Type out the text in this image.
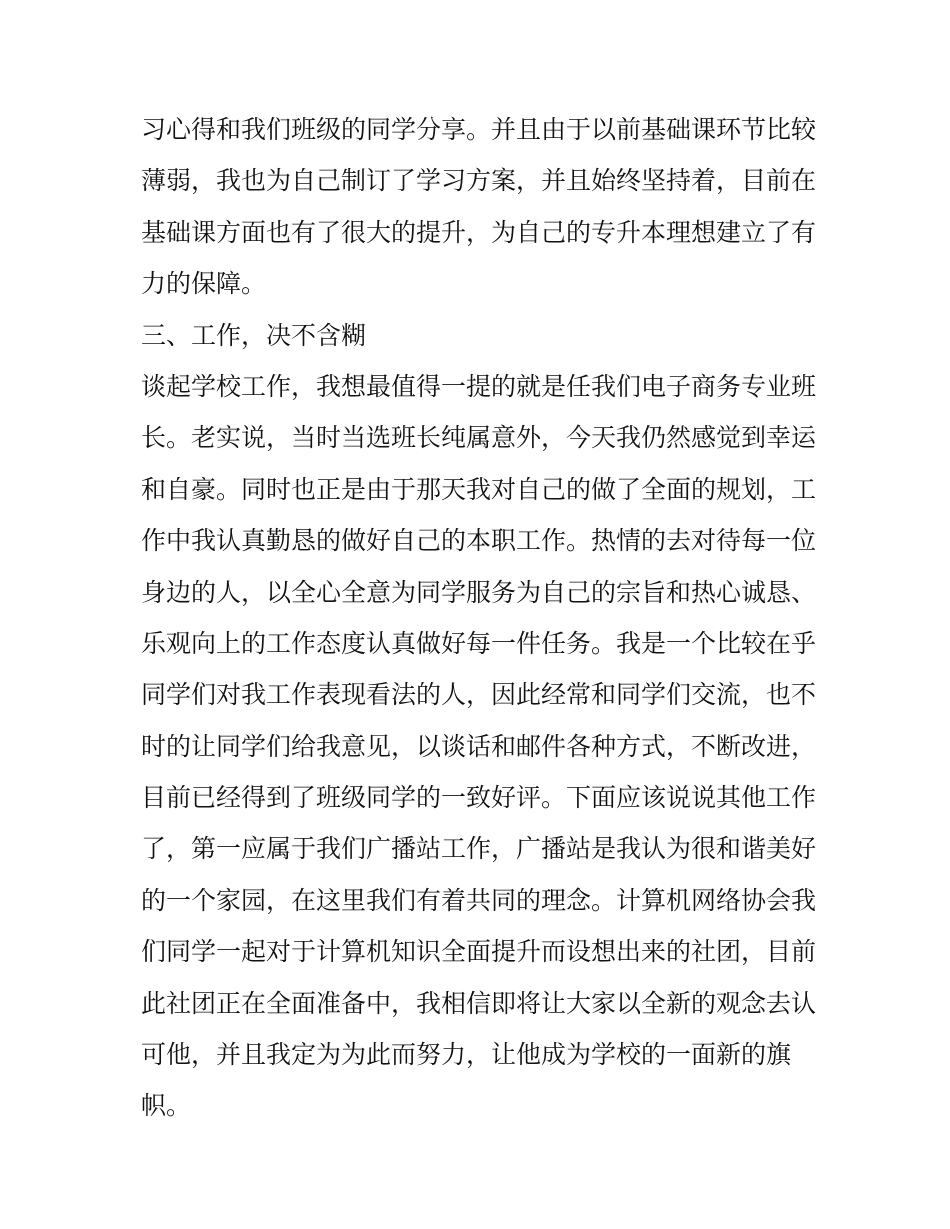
习心得和我们班级的同学分享。并且由于以前基础课环节比较
薄弱，我也为自己制订了学习方案，并且始终坚持着，目前在
基础课方面也有了很大的提升，为自己的专升本理想建立了有
力的保障。
三、工作，决不含糊
谈起学校工作，我想最值得一提的就是任我们电子商务专业班
长。老实说，当时当选班长纯属意外，今天我仍然感觉到幸运
和自豪。同时也正是由于那天我对自己的做了全面的规划，工
作中我认真勤恳的做好自己的本职工作。热情的去对待每一位
身边的人，以全心全意为同学服务为自己的宗旨和热心诚恳、
乐观向上的工作态度认真做好每一件任务。我是一个比较在乎
同学们对我工作表现看法的人，因此经常和同学们交流，也不
时的让同学们给我意见，以谈话和邮件各种方式，不断改进，
目前已经得到了班级同学的一致好评。下面应该说说其他工作
了，第一应属于我们广播站工作，广播站是我认为很和谐美好
的一个家园，在这里我们有着共同的理念。计算机网络协会我
们同学一起对于计算机知识全面提升而设想出来的社团，目前
此社团正在全面准备中，我相信即将让大家以全新的观念去认
可他，并且我定为为此而努力，让他成为学校的一面新的旗
帜。
